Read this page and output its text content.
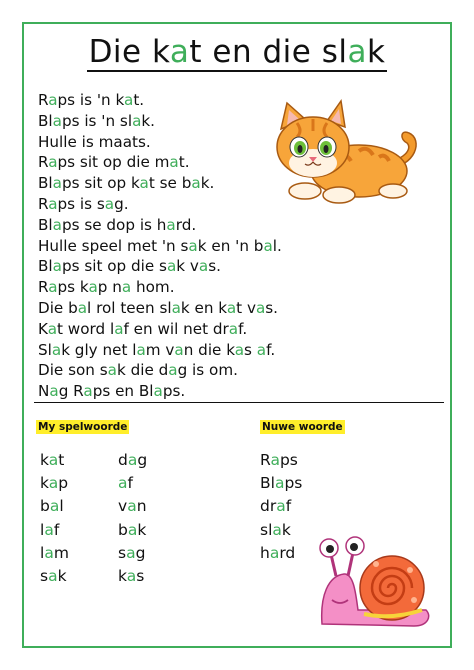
Die kat en die slak
Raps is 'n kat.
Blaps is 'n slak.
Hulle is maats.
Raps sit op die mat.
Blaps sit op kat se bak.
Raps is sag.
Blaps se dop is hard.
Hulle speel met 'n sak en 'n bal.
Blaps sit op die sak vas.
Raps kap na hom.
Die bal rol teen slak en kat vas.
Kat word laf en wil net draf.
Slak gly net lam van die kas af.
Die son sak die dag is om.
Nag Raps en Blaps.
My spelwoorde	Nuwe woorde
kat
kap
bal
laf
lam
sak
dag
af
van
bak
sag
kas
Raps
Blaps
draf
slak
hard
